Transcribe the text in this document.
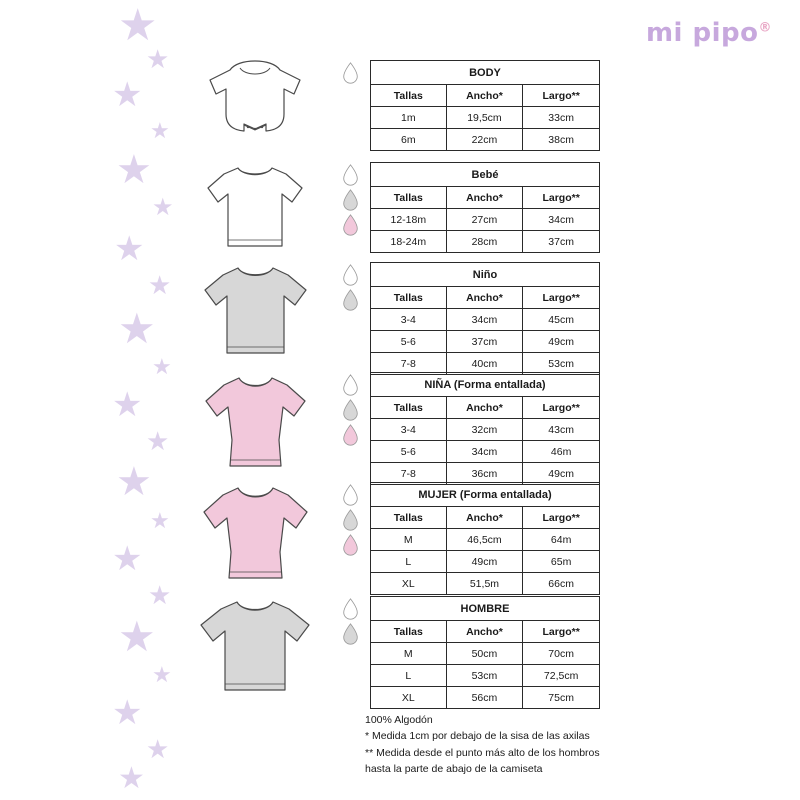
★
★
★
★
★
★
★
★
★
★
★
★
★
★
★
★
★
★
★
★
★
mi pipo®
BODY		
Tallas	Ancho*	Largo**
1m	19,5cm	33cm
6m	22cm	38cm
Bebé		
Tallas	Ancho*	Largo**
12-18m	27cm	34cm
18-24m	28cm	37cm
Niño		
Tallas	Ancho*	Largo**
3-4	34cm	45cm
5-6	37cm	49cm
7-8	40cm	53cm
NIÑA (Forma entallada)		
Tallas	Ancho*	Largo**
3-4	32cm	43cm
5-6	34cm	46m
7-8	36cm	49cm
MUJER (Forma entallada)		
Tallas	Ancho*	Largo**
M	46,5cm	64m
L	49cm	65m
XL	51,5m	66cm
HOMBRE		
Tallas	Ancho*	Largo**
M	50cm	70cm
L	53cm	72,5cm
XL	56cm	75cm
100% Algodón
* Medida 1cm por debajo de la sisa de las axilas
** Medida desde el punto más alto de los hombros
hasta la parte de abajo de la camiseta
